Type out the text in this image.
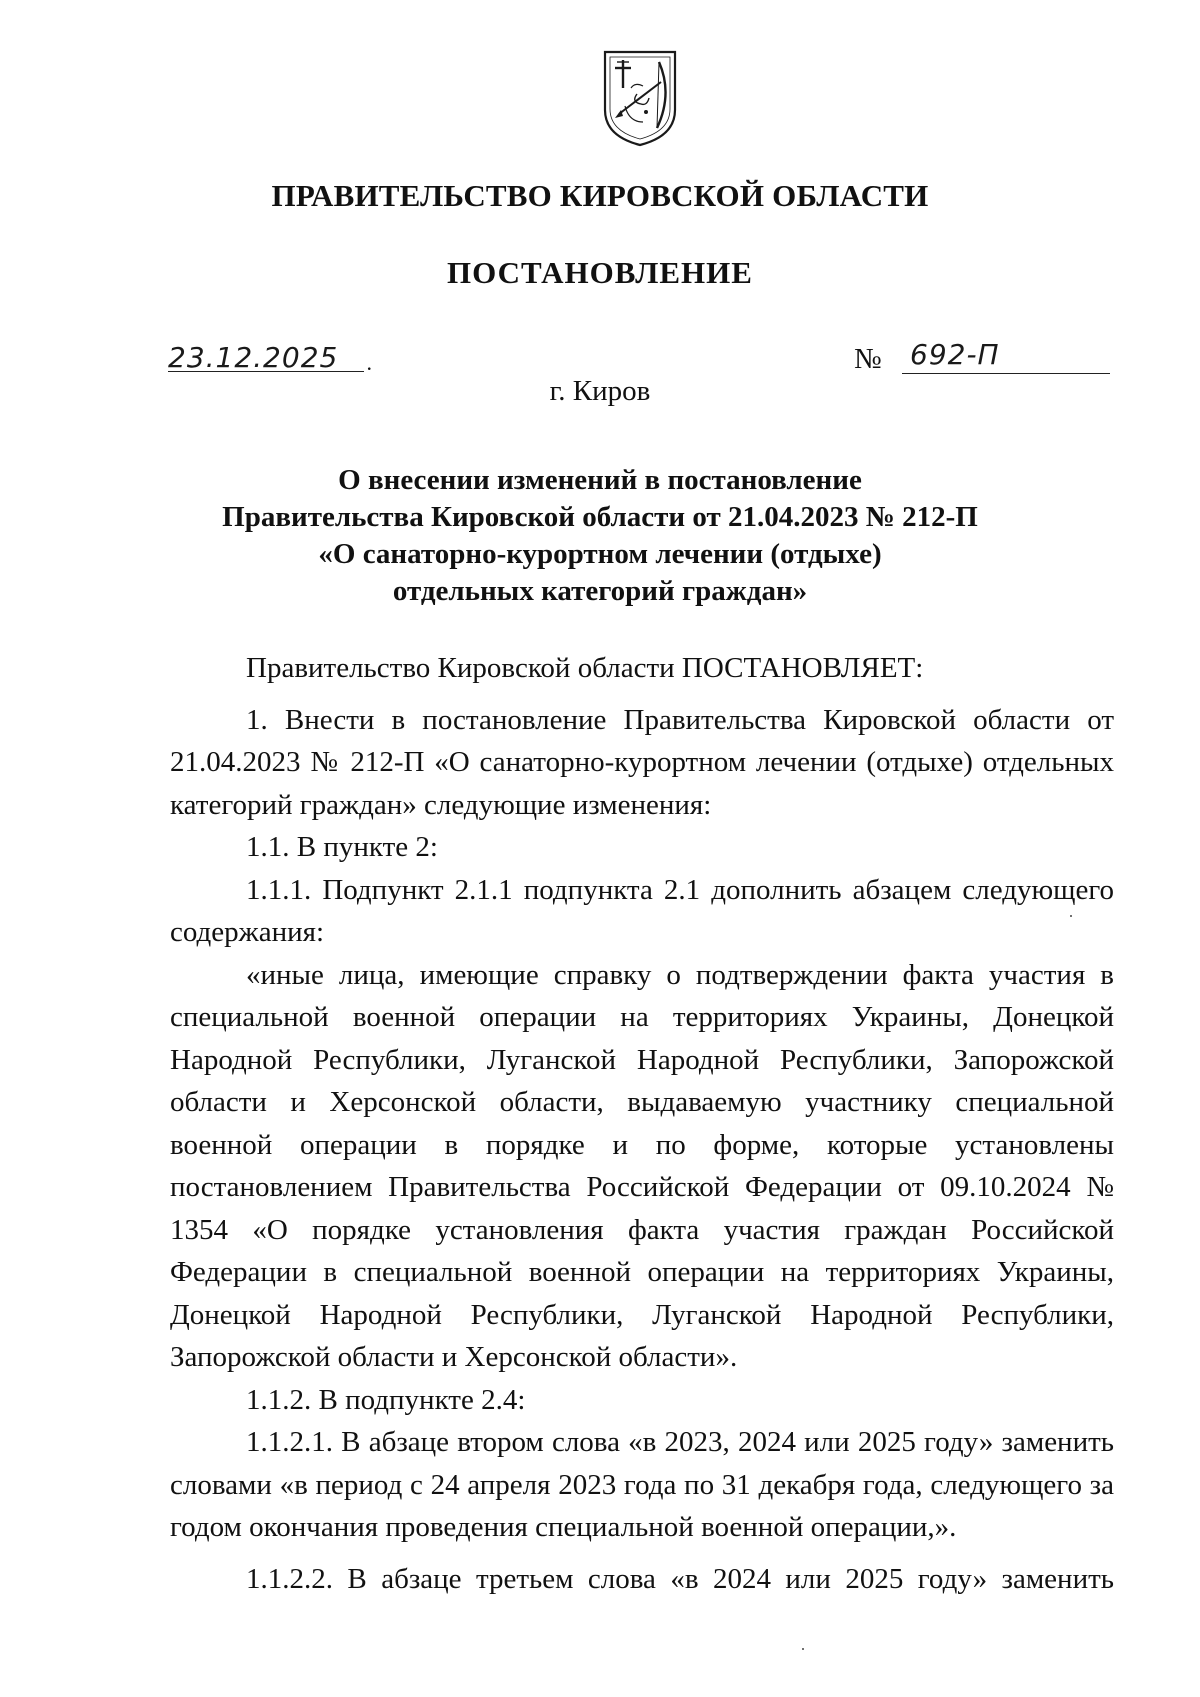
ПРАВИТЕЛЬСТВО КИРОВСКОЙ ОБЛАСТИ
ПОСТАНОВЛЕНИЕ
23.12.2025 .	№ 692-П
г. Киров
О внесении изменений в постановление
Правительства Кировской области от 21.04.2023 № 212-П
«О санаторно-курортном лечении (отдыхе)
отдельных категорий граждан»

Правительство Кировской области ПОСТАНОВЛЯЕТ:

1. Внести в постановление Правительства Кировской области от 21.04.2023 № 212-П «О санаторно-курортном лечении (отдыхе) отдельных категорий граждан» следующие изменения:

1.1. В пункте 2:

1.1.1. Подпункт 2.1.1 подпункта 2.1 дополнить абзацем следующего содержания:

«иные лица, имеющие справку о подтверждении факта участия в специальной военной операции на территориях Украины, Донецкой Народной Республики, Луганской Народной Республики, Запорожской области и Херсонской области, выдаваемую участнику специальной военной операции в порядке и по форме, которые установлены постановлением Правительства Российской Федерации от 09.10.2024 № 1354 «О порядке установления факта участия граждан Российской Федерации в специальной военной операции на территориях Украины, Донецкой Народной Республики, Луганской Народной Республики, Запорожской области и Херсонской области».

1.1.2. В подпункте 2.4:

1.1.2.1. В абзаце втором слова «в 2023, 2024 или 2025 году» заменить словами «в период с 24 апреля 2023 года по 31 декабря года, следующего за годом окончания проведения специальной военной операции,».

1.1.2.2. В абзаце третьем слова «в 2024 или 2025 году» заменить
